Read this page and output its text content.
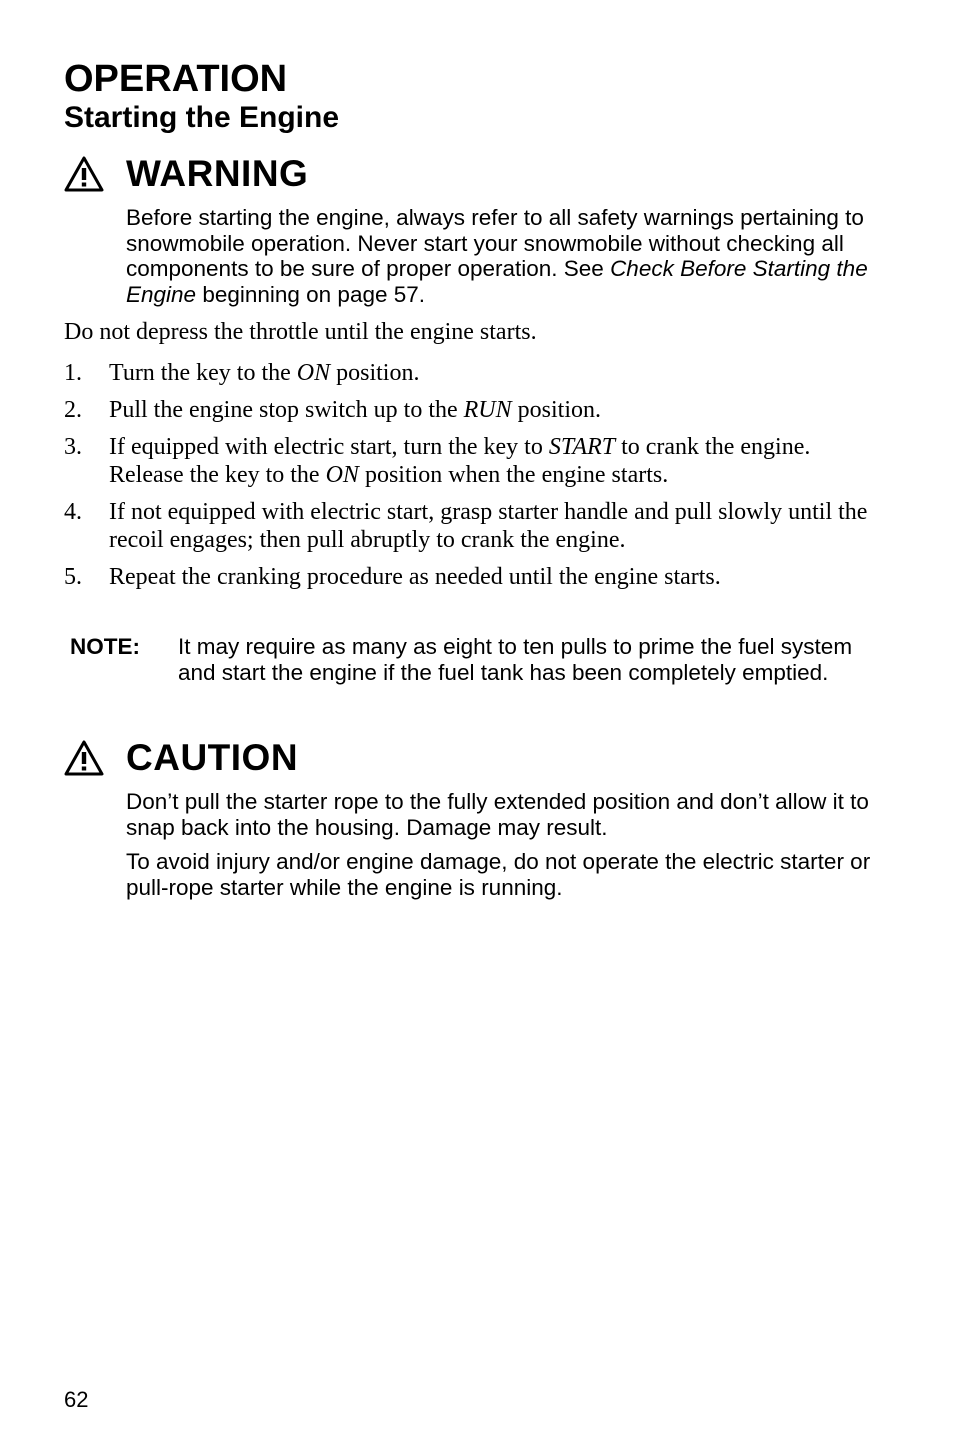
OPERATION
Starting the Engine
WARNING

Before starting the engine, always refer to all safety warnings pertaining to snowmobile operation. Never start your snowmobile without checking all components to be sure of proper operation. See Check Before Starting the Engine beginning on page 57.

Do not depress the throttle until the engine starts.

1.	Turn the key to the ON position.
2.	Pull the engine stop switch up to the RUN position.
3.	If equipped with electric start, turn the key to START to crank the engine. Release the key to the ON position when the engine starts.
4.	If not equipped with electric start, grasp starter handle and pull slowly until the recoil engages; then pull abruptly to crank the engine.
5.	Repeat the cranking procedure as needed until the engine starts.
NOTE:	It may require as many as eight to ten pulls to prime the fuel system and start the engine if the fuel tank has been completely emptied.
CAUTION

Don’t pull the starter rope to the fully extended position and don’t allow it to snap back into the housing. Damage may result.

To avoid injury and/or engine damage, do not operate the electric starter or pull-rope starter while the engine is running.

62
